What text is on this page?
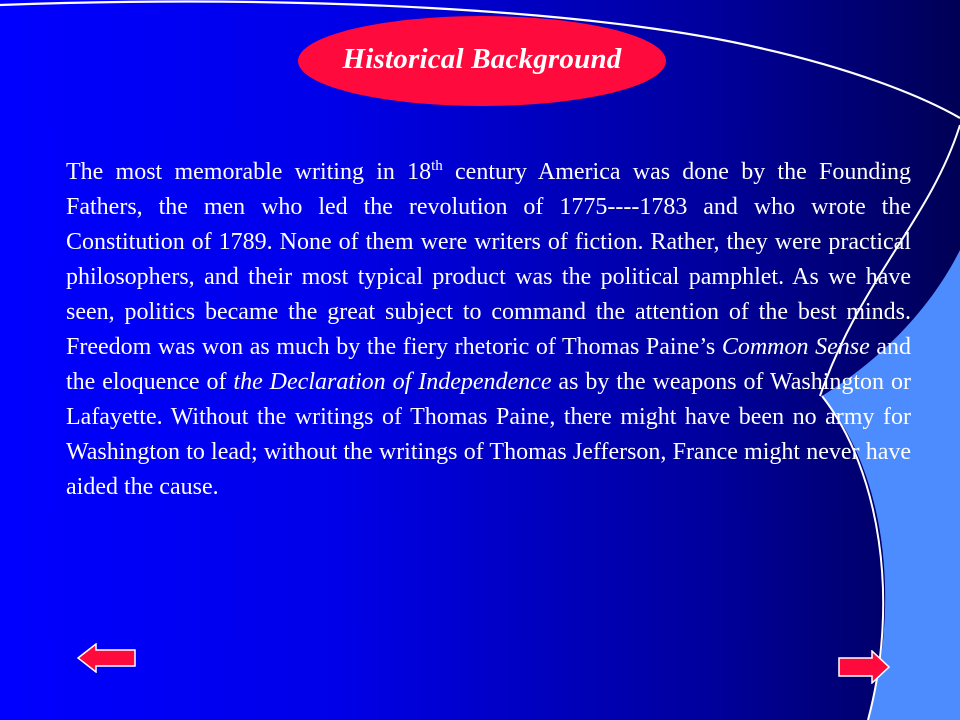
Historical Background

The most memorable writing in 18th century America was done by the Founding Fathers, the men who led the revolution of 1775----1783 and who wrote the Constitution of 1789. None of them were writers of fiction. Rather, they were practical philosophers, and their most typical product was the political pamphlet. As we have seen, politics became the great subject to command the attention of the best minds. Freedom was won as much by the fiery rhetoric of Thomas Paine’s Common Sense and the eloquence of the Declaration of Independence as by the weapons of Washington or Lafayette. Without the writings of Thomas Paine, there might have been no army for Washington to lead; without the writings of Thomas Jefferson, France might never have aided the cause.
